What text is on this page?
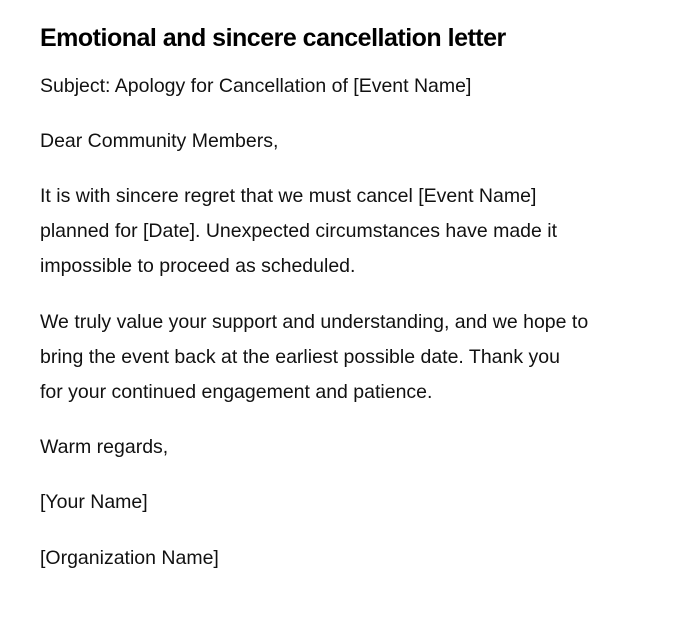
Emotional and sincere cancellation letter

Subject: Apology for Cancellation of [Event Name]

Dear Community Members,

It is with sincere regret that we must cancel [Event Name]
planned for [Date]. Unexpected circumstances have made it
impossible to proceed as scheduled.
We truly value your support and understanding, and we hope to
bring the event back at the earliest possible date. Thank you
for your continued engagement and patience.

Warm regards,

[Your Name]

[Organization Name]
